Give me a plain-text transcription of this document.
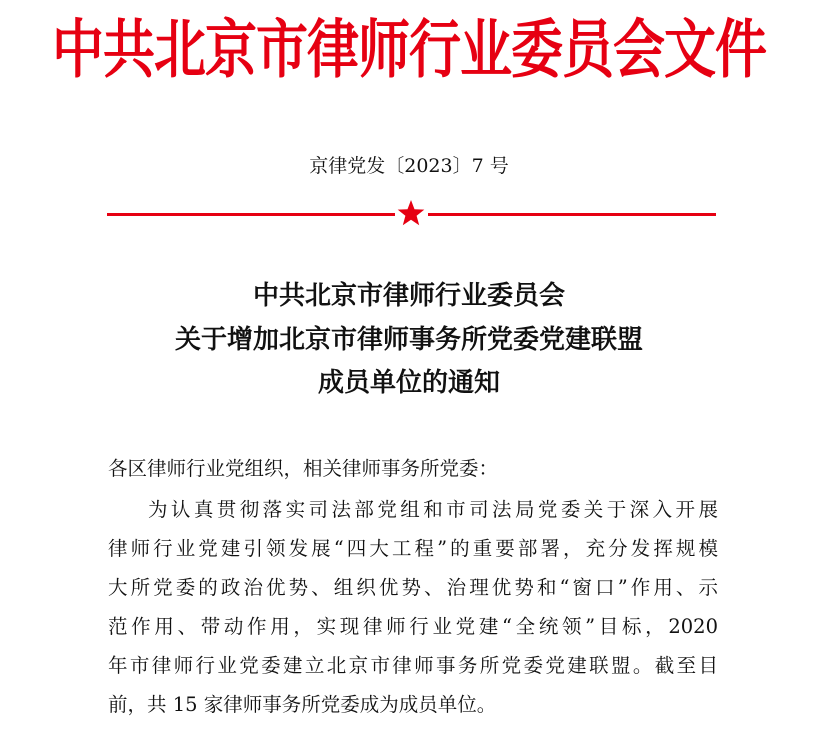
中共北京市律师行业委员会文件
京律党发〔2023〕7 号
中共北京市律师行业委员会
关于增加北京市律师事务所党委党建联盟
成员单位的通知
各区律师行业党组织，相关律师事务所党委：
为认真贯彻落实司法部党组和市司法局党委关于深入开展
律师行业党建引领发展“四大工程”的重要部署，充分发挥规模
大所党委的政治优势、组织优势、治理优势和“窗口”作用、示
范作用、带动作用，实现律师行业党建“全统领”目标，2020
年市律师行业党委建立北京市律师事务所党委党建联盟。截至目
前，共 15 家律师事务所党委成为成员单位。
